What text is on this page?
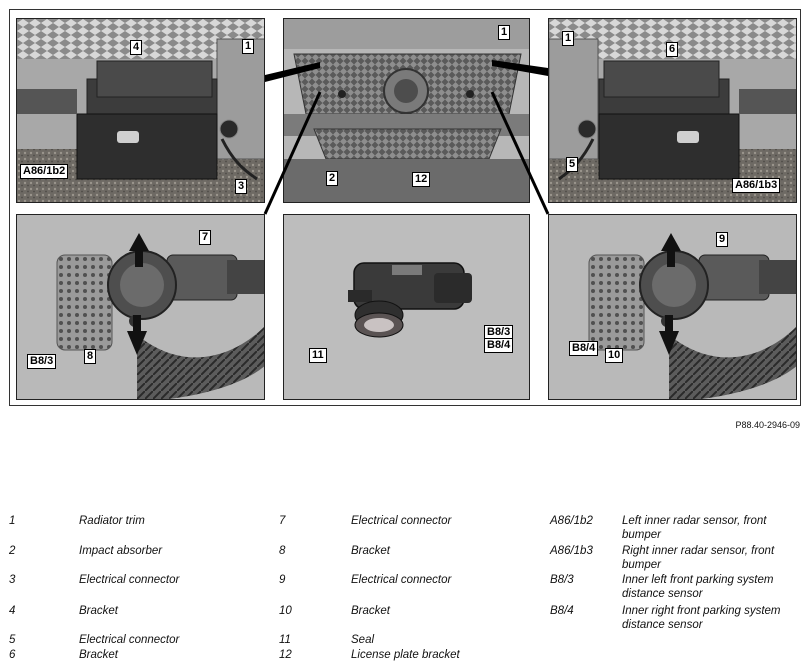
4	1
A86/1b2
3
1
2	12
1
6
5
A86/1b3
7
B8/3	8	11
B8/3
B8/4
9
B8/4
10
P88.40-2946-09
1	Radiator trim
2	Impact absorber
3	Electrical connector
4	Bracket
5	Electrical connector
6	Bracket
7	Electrical connector
8	Bracket
9	Electrical connector
10	Bracket
11	Seal
12	License plate bracket
A86/1b2	Left inner radar sensor, front bumper
A86/1b3	Right inner radar sensor, front bumper
B8/3	Inner left front parking system distance sensor
B8/4	Inner right front parking system distance sensor
